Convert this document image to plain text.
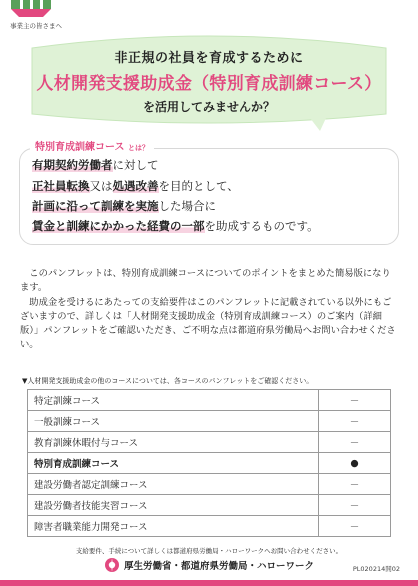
事業主の皆さまへ
非正規の社員を育成するために
人材開発支援助成金（特別育成訓練コース）
を活用してみませんか？
特別育成訓練コース とは？
有期契約労働者に対して
正社員転換又は処遇改善を目的として、
計画に沿って訓練を実施した場合に
賃金と訓練にかかった経費の一部を助成するものです。
　このパンフレットは、特別育成訓練コースについてのポイントをまとめた簡易版になります。
　助成金を受けるにあたっての支給要件はこのパンフレットに記載されている以外にもございますので、詳しくは「人材開発支援助成金（特別育成訓練コース）のご案内（詳細版）」パンフレットをご確認いただき、ご不明な点は都道府県労働局へお問い合わせください。
▼人材開発支援助成金の他のコースについては、各コースのパンフレットをご確認ください。
特定訓練コース	－
一般訓練コース	－
教育訓練休暇付与コース	－
特別育成訓練コース	●
建設労働者認定訓練コース	－
建設労働者技能実習コース	－
障害者職業能力開発コース	－
支給要件、手続について詳しくは都道府県労働局・ハローワークへお問い合わせください。
厚生労働省・都道府県労働局・ハローワーク	PL020214開02
